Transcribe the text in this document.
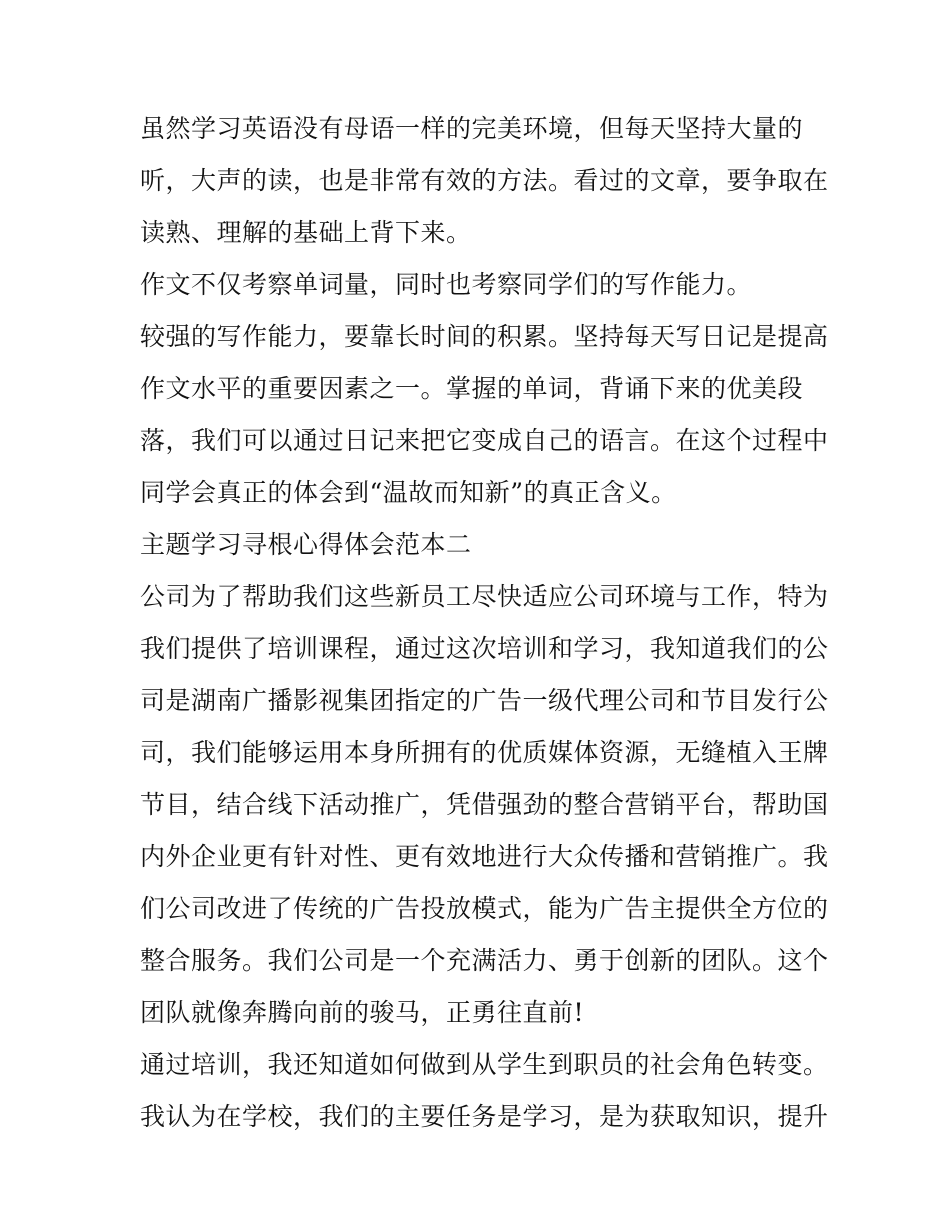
虽然学习英语没有母语一样的完美环境，但每天坚持大量的
听，大声的读，也是非常有效的方法。看过的文章，要争取在
读熟、理解的基础上背下来。
作文不仅考察单词量，同时也考察同学们的写作能力。
较强的写作能力，要靠长时间的积累。坚持每天写日记是提高
作文水平的重要因素之一。掌握的单词，背诵下来的优美段
落，我们可以通过日记来把它变成自己的语言。在这个过程中
同学会真正的体会到“温故而知新”的真正含义。
主题学习寻根心得体会范本二
公司为了帮助我们这些新员工尽快适应公司环境与工作，特为
我们提供了培训课程，通过这次培训和学习，我知道我们的公
司是湖南广播影视集团指定的广告一级代理公司和节目发行公
司，我们能够运用本身所拥有的优质媒体资源，无缝植入王牌
节目，结合线下活动推广，凭借强劲的整合营销平台，帮助国
内外企业更有针对性、更有效地进行大众传播和营销推广。我
们公司改进了传统的广告投放模式，能为广告主提供全方位的
整合服务。我们公司是一个充满活力、勇于创新的团队。这个
团队就像奔腾向前的骏马，正勇往直前!
通过培训，我还知道如何做到从学生到职员的社会角色转变。
我认为在学校，我们的主要任务是学习，是为获取知识，提升
